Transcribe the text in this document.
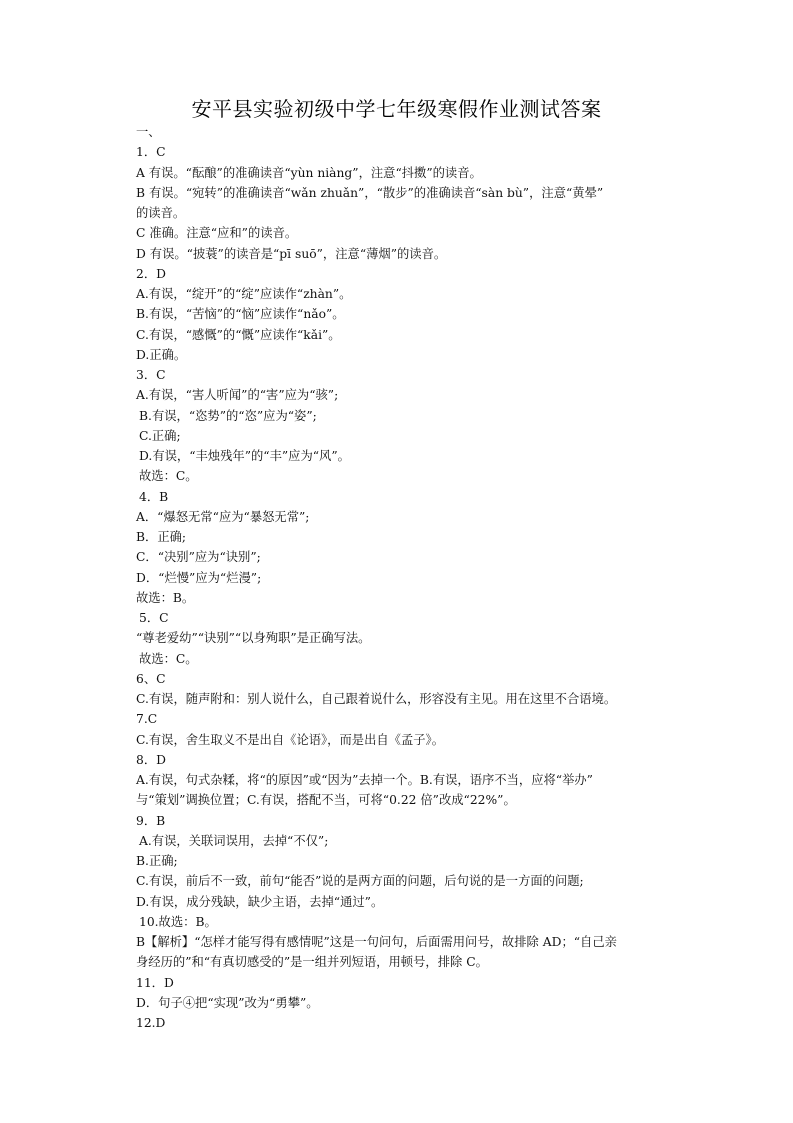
安平县实验初级中学七年级寒假作业测试答案
一、
1．C
A 有误。“酝酿”的准确读音“yùn niàng”，注意“抖擞”的读音。
B 有误。“宛转”的准确读音“wǎn zhuǎn”，“散步”的准确读音“sàn bù”，注意“黄晕”
的读音。
C 准确。注意“应和”的读音。
D 有误。“披蓑”的读音是“pī suō”，注意“薄烟”的读音。
2．D
A.有误，“绽开”的“绽”应读作“zhàn”。
B.有误，“苦恼”的“恼”应读作“nǎo”。
C.有误，“感慨”的“慨”应读作“kǎi”。
D.正确。
3．C
A.有误，“害人听闻”的“害”应为“骇”;
B.有误，“恣势”的“恣”应为“姿”;
C.正确;
D.有误，“丰烛残年”的“丰”应为“风”。
故选：C。
4．B
A．“爆怒无常“应为“暴怒无常”;
B．正确;
C．“决别”应为“诀别”;
D．“烂慢”应为“烂漫”;
故选：B。
5．C
“尊老爱幼”“诀别”“以身殉职”是正确写法。
故选：C。
6、C
C.有误，随声附和：别人说什么，自己跟着说什么，形容没有主见。用在这里不合语境。
7.C
C.有误，舍生取义不是出自《论语》，而是出自《孟子》。
8．D
A.有误，句式杂糅，将“的原因”或“因为”去掉一个。B.有误，语序不当，应将“举办”
与“策划”调换位置；C.有误，搭配不当，可将“0.22 倍”改成“22%”。
9．B
A.有误，关联词误用，去掉“不仅”;
B.正确;
C.有误，前后不一致，前句“能否”说的是两方面的问题，后句说的是一方面的问题;
D.有误，成分残缺，缺少主语，去掉“通过”。
10.故选：B。
B【解析】“怎样才能写得有感情呢”这是一句问句，后面需用问号，故排除 AD；“自己亲
身经历的”和“有真切感受的”是一组并列短语，用顿号，排除 C。
11．D
D．句子④把“实现”改为“勇攀”。
12.D
